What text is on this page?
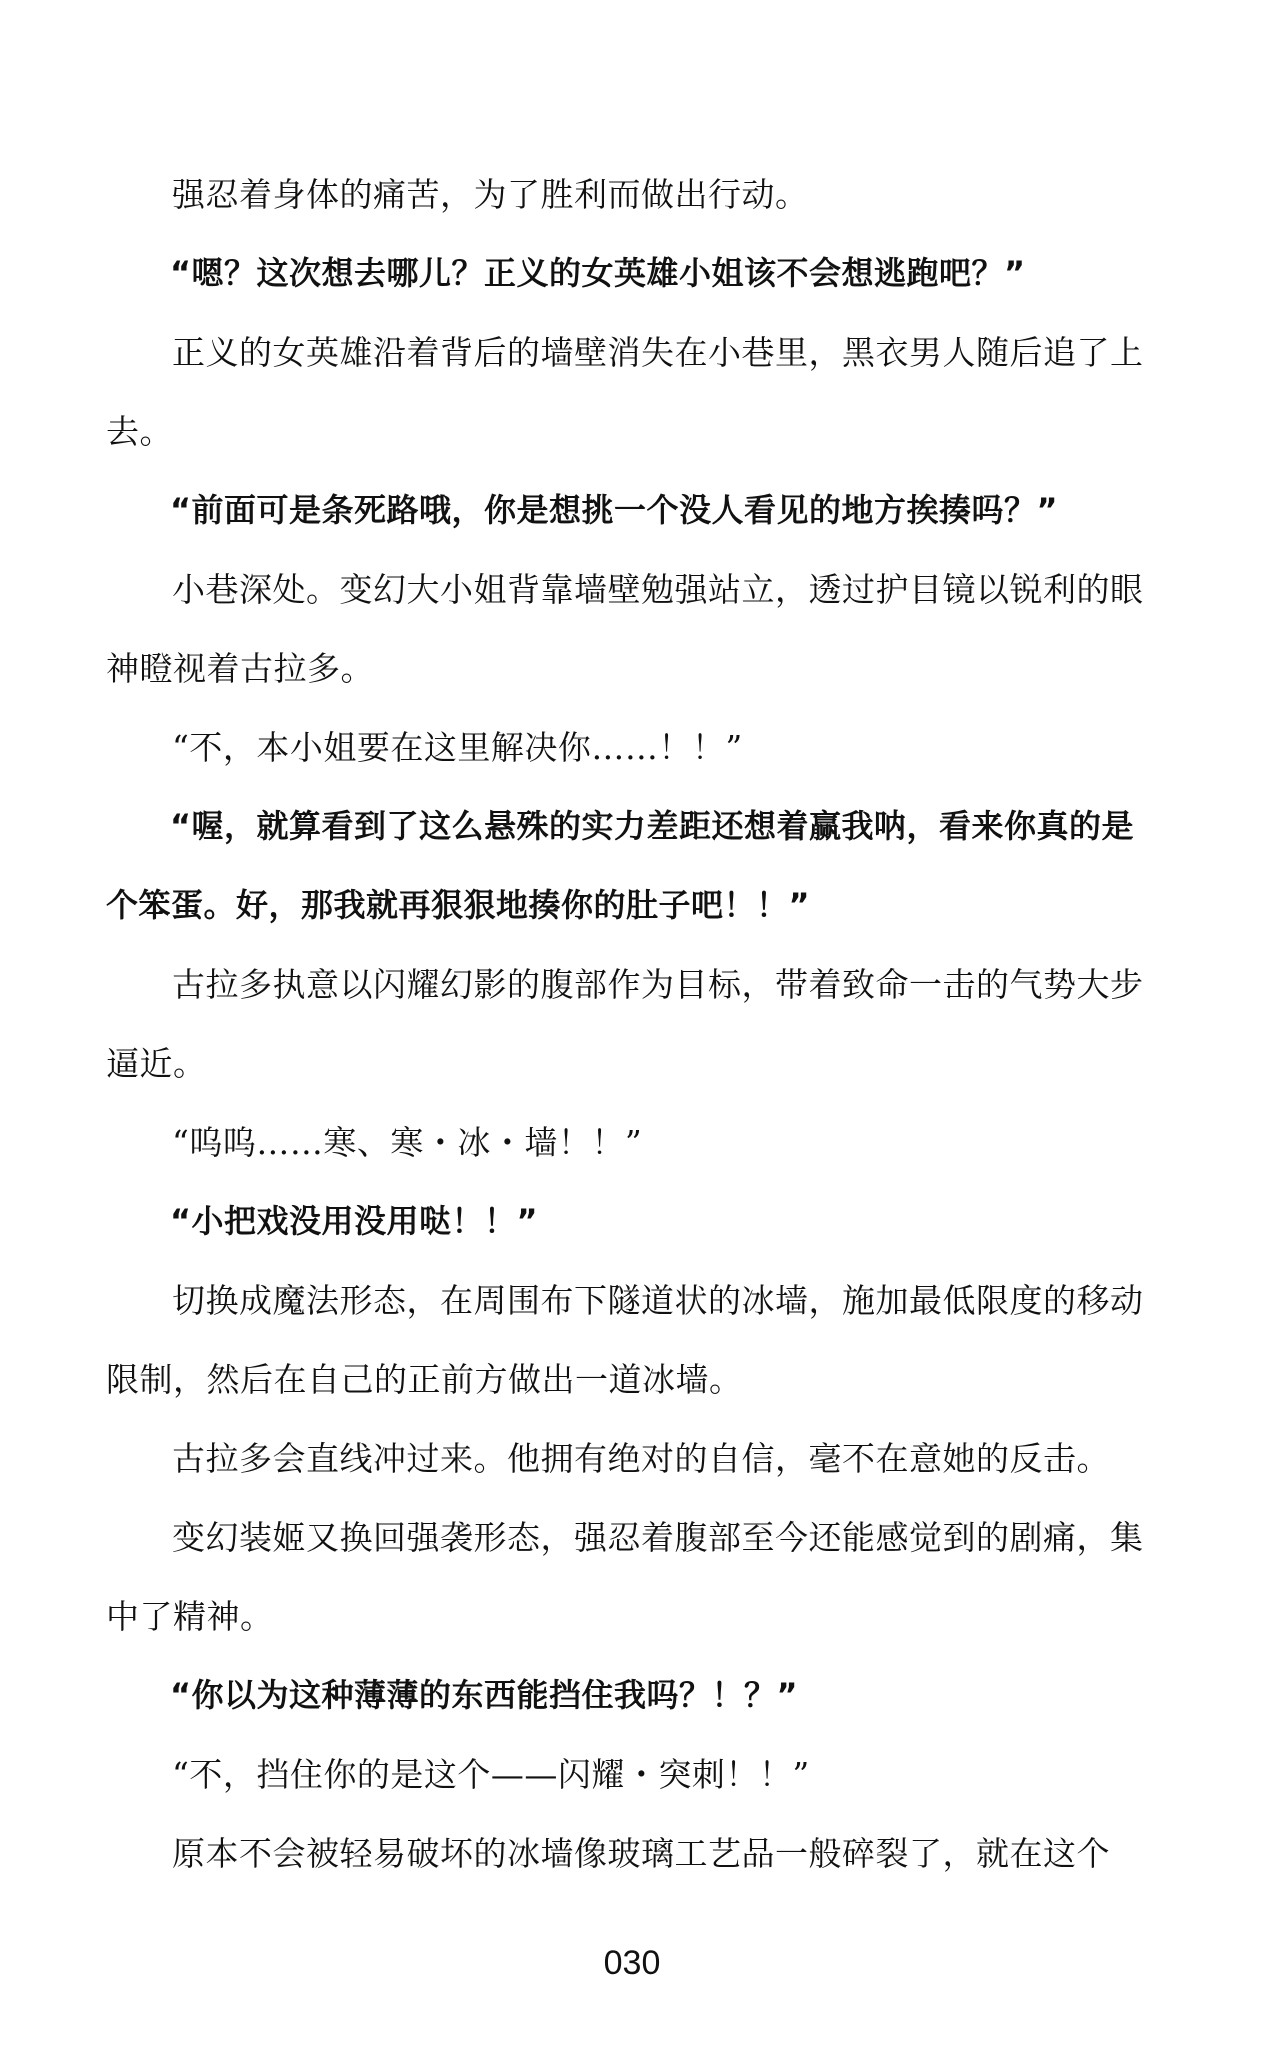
强忍着身体的痛苦，为了胜利而做出行动。

“嗯？这次想去哪儿？正义的女英雄小姐该不会想逃跑吧？”

正义的女英雄沿着背后的墙壁消失在小巷里，黑衣男人随后追了上去。

“前面可是条死路哦，你是想挑一个没人看见的地方挨揍吗？”

小巷深处。变幻大小姐背靠墙壁勉强站立，透过护目镜以锐利的眼神瞪视着古拉多。

“不，本小姐要在这里解决你……！！”

“喔，就算看到了这么悬殊的实力差距还想着赢我呐，看来你真的是个笨蛋。好，那我就再狠狠地揍你的肚子吧！！”

古拉多执意以闪耀幻影的腹部作为目标，带着致命一击的气势大步逼近。

“呜呜……寒、寒・冰・墙！！”

“小把戏没用没用哒！！”

切换成魔法形态，在周围布下隧道状的冰墙，施加最低限度的移动限制，然后在自己的正前方做出一道冰墙。

古拉多会直线冲过来。他拥有绝对的自信，毫不在意她的反击。

变幻装姬又换回强袭形态，强忍着腹部至今还能感觉到的剧痛，集中了精神。

“你以为这种薄薄的东西能挡住我吗？！？”

“不，挡住你的是这个——闪耀・突刺！！”

原本不会被轻易破坏的冰墙像玻璃工艺品一般碎裂了，就在这个

030
